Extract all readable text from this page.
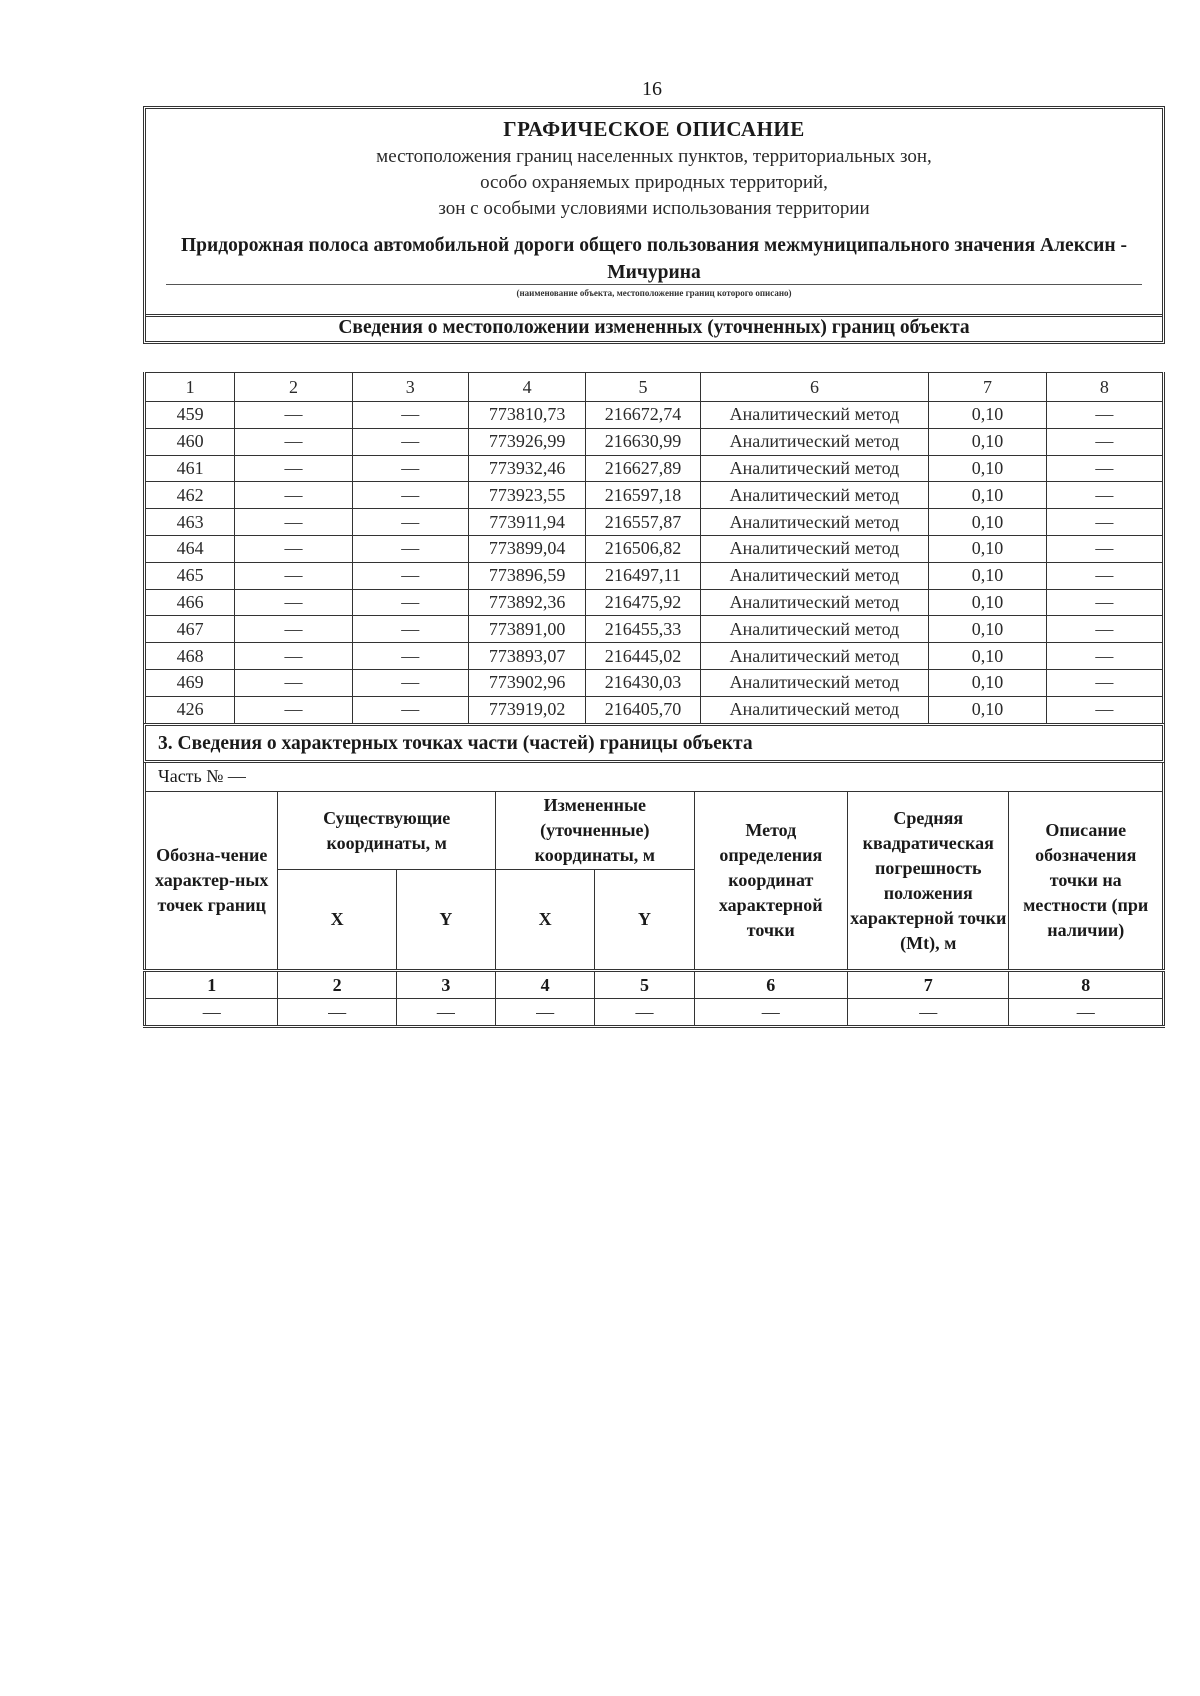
16
ГРАФИЧЕСКОЕ ОПИСАНИЕ
местоположения границ населенных пунктов, территориальных зон,
особо охраняемых природных территорий,
зон с особыми условиями использования территории
Придорожная полоса автомобильной дороги общего пользования межмуниципального значения Алексин - Мичурина
(наименование объекта, местоположение границ которого описано)
Сведения о местоположении измененных (уточненных) границ объекта
1	2	3	4	5	6	7	8
459	—	—	773810,73	216672,74	Аналитический метод	0,10	—
460	—	—	773926,99	216630,99	Аналитический метод	0,10	—
461	—	—	773932,46	216627,89	Аналитический метод	0,10	—
462	—	—	773923,55	216597,18	Аналитический метод	0,10	—
463	—	—	773911,94	216557,87	Аналитический метод	0,10	—
464	—	—	773899,04	216506,82	Аналитический метод	0,10	—
465	—	—	773896,59	216497,11	Аналитический метод	0,10	—
466	—	—	773892,36	216475,92	Аналитический метод	0,10	—
467	—	—	773891,00	216455,33	Аналитический метод	0,10	—
468	—	—	773893,07	216445,02	Аналитический метод	0,10	—
469	—	—	773902,96	216430,03	Аналитический метод	0,10	—
426	—	—	773919,02	216405,70	Аналитический метод	0,10	—
3. Сведения о характерных точках части (частей) границы объекта
Часть № —
Обозна-чение характер-ных точек границ	Существующие координаты, м		Измененные (уточненные) координаты, м		Метод определения координат характерной точки	Средняя квадратическая погрешность положения характерной точки (Mt), м	Описание обозначения точки на местности (при наличии)
	X	Y	X	Y			
1	2	3	4	5	6	7	8
—	—	—	—	—	—	—	—
